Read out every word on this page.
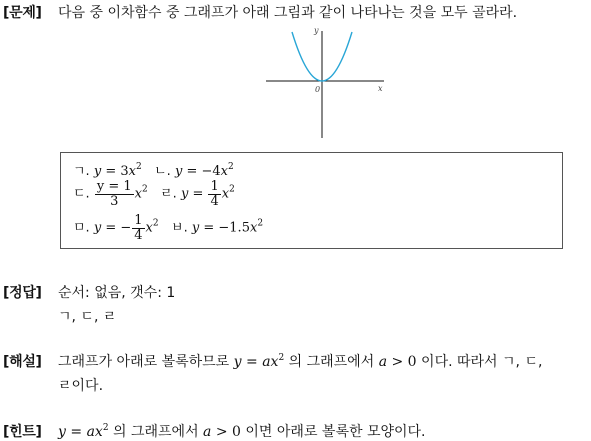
[문제] 다음 중 이차함수 중 그래프가 아래 그림과 같이 나타나는 것을 모두 골라라.
y
x
0
ㄱ. $y = 3x^2$ ㄴ. $y = -4x^2$
ㄷ. $\frac{y = 1}{3} x^2$ ㄹ. $y = \frac{1}{4} x^2$
ㅁ. y = − $\frac{1}{4} x^2$ ㅂ. $y = -1.5x^2$
[정답] 순서: 없음, 갯수: 1
ㄱ, ㄷ, ㄹ
[해설] 그래프가 아래로 볼록하므로 $y = ax^2$ 의 그래프에서 a > 0 이다. 따라서 ㄱ, ㄷ,
ㄹ이다.
[힌트] $y = ax^2$ 의 그래프에서 a > 0 이면 아래로 볼록한 모양이다.
